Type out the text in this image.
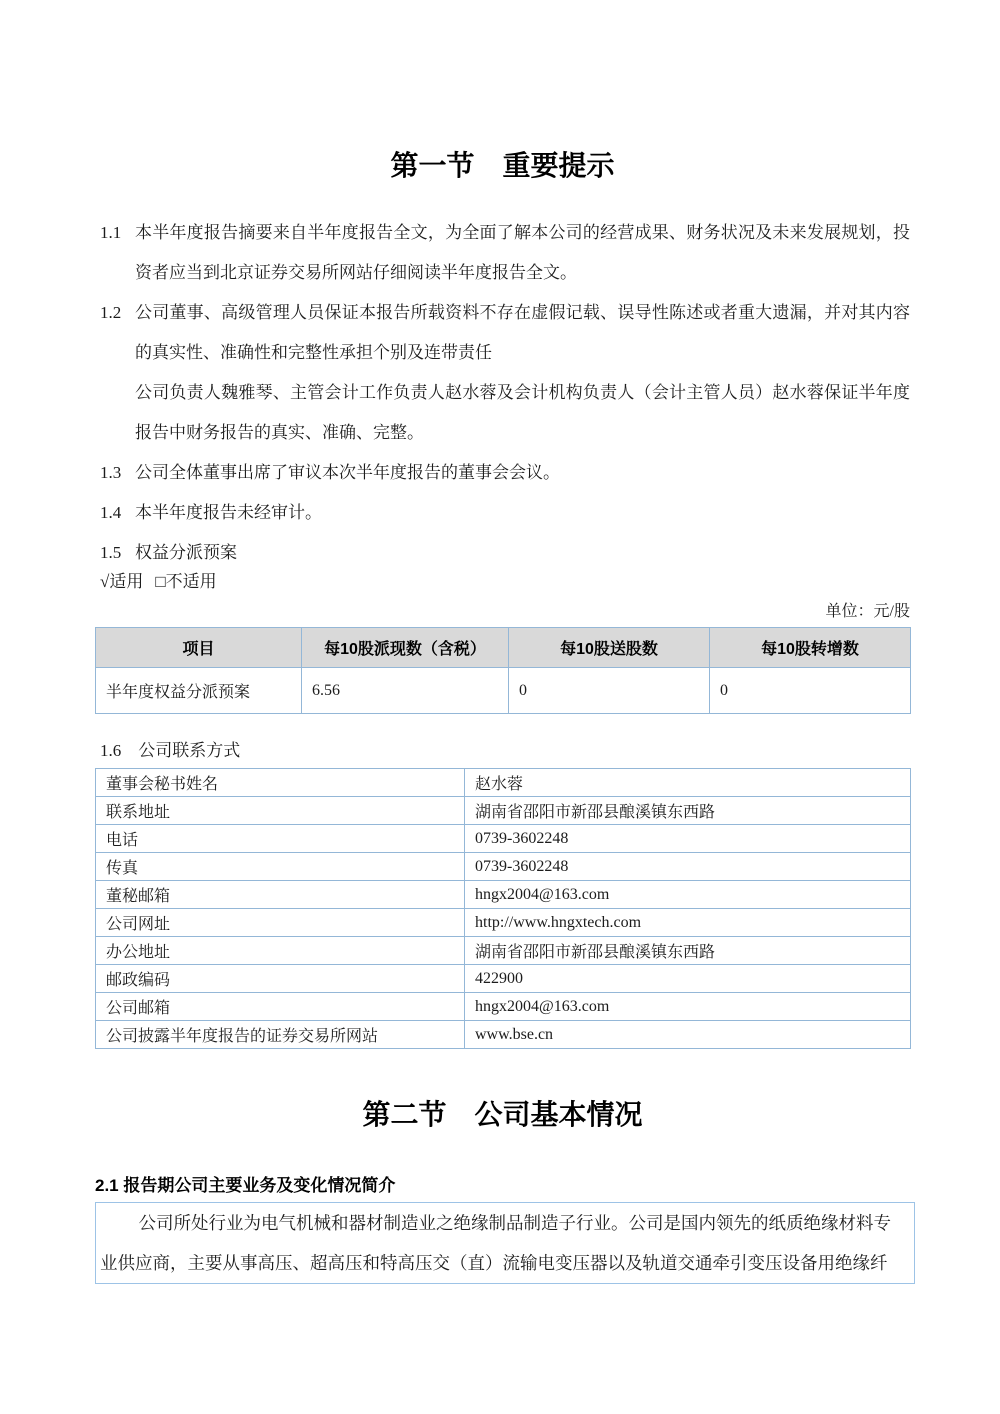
第一节　重要提示
1.1 本半年度报告摘要来自半年度报告全文，为全面了解本公司的经营成果、财务状况及未来发展规划，投资者应当到北京证券交易所网站仔细阅读半年度报告全文。

1.2 公司董事、高级管理人员保证本报告所载资料不存在虚假记载、误导性陈述或者重大遗漏，并对其内容的真实性、准确性和完整性承担个别及连带责任

公司负责人魏雅琴、主管会计工作负责人赵水蓉及会计机构负责人（会计主管人员）赵水蓉保证半年度报告中财务报告的真实、准确、完整。

1.3 公司全体董事出席了审议本次半年度报告的董事会会议。

1.4 本半年度报告未经审计。

1.5 权益分派预案

√适用 □不适用
单位：元/股
项目	每10股派现数（含税）	每10股送股数	每10股转增数
半年度权益分派预案	6.56	0	0
1.6　公司联系方式
董事会秘书姓名	赵水蓉
联系地址	湖南省邵阳市新邵县酿溪镇东西路
电话	0739-3602248
传真	0739-3602248
董秘邮箱	hngx2004@163.com
公司网址	http://www.hngxtech.com
办公地址	湖南省邵阳市新邵县酿溪镇东西路
邮政编码	422900
公司邮箱	hngx2004@163.com
公司披露半年度报告的证券交易所网站	www.bse.cn
第二节　公司基本情况
2.1 报告期公司主要业务及变化情况简介
公司所处行业为电气机械和器材制造业之绝缘制品制造子行业。公司是国内领先的纸质绝缘材料专
业供应商，主要从事高压、超高压和特高压交（直）流输电变压器以及轨道交通牵引变压设备用绝缘纤
